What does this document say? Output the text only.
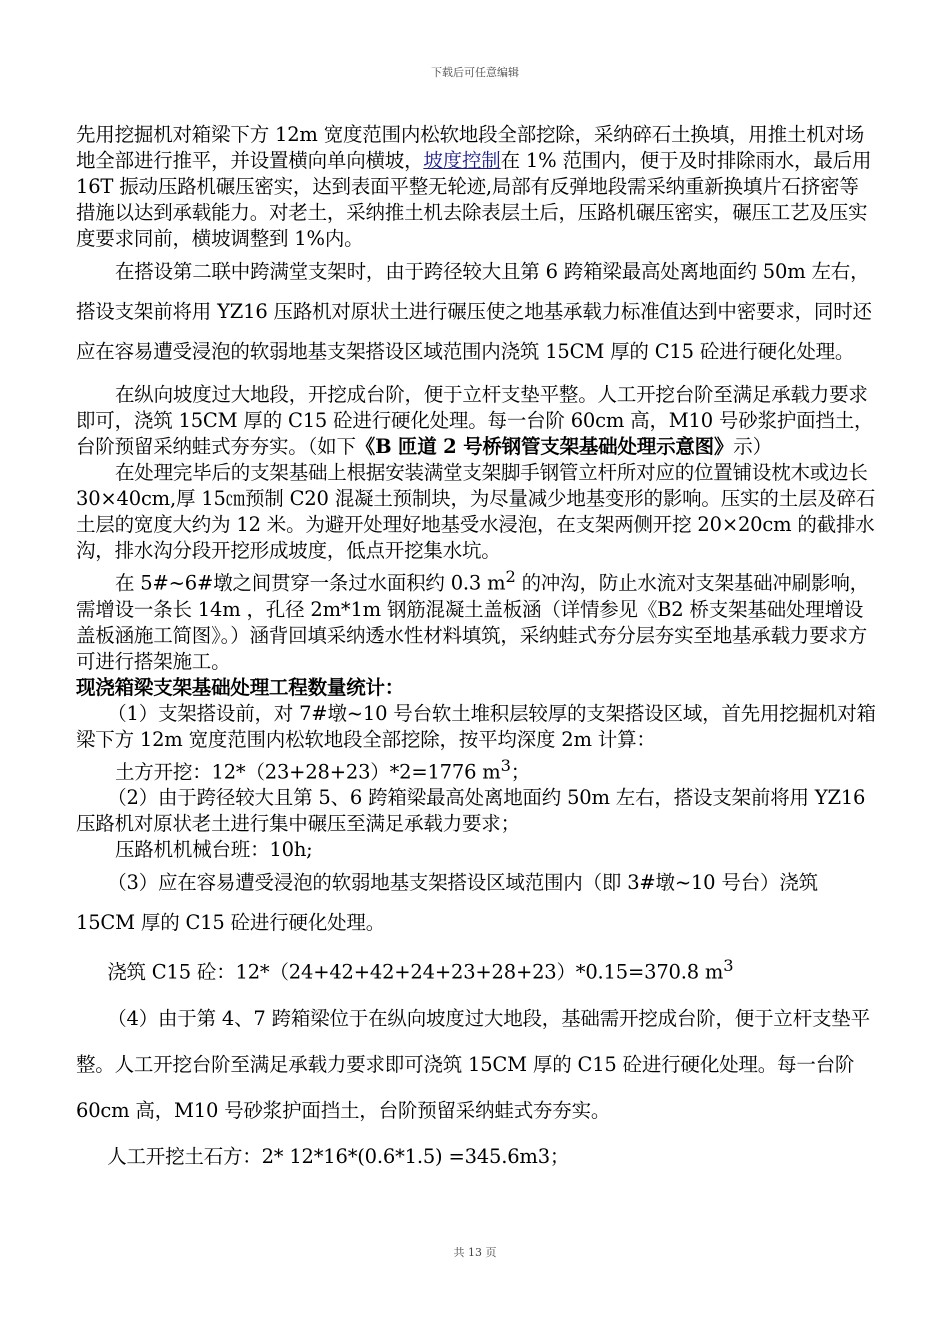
下载后可任意编辑

先用挖掘机对箱梁下方 12m 宽度范围内松软地段全部挖除，采纳碎石土换填，用推土机对场地全部进行推平，并设置横向单向横坡，坡度控制在 1% 范围内，便于及时排除雨水，最后用 16T 振动压路机碾压密实，达到表面平整无轮迹,局部有反弹地段需采纳重新换填片石挤密等措施以达到承载能力。对老土，采纳推土机去除表层土后，压路机碾压密实，碾压工艺及压实度要求同前，横坡调整到 1%内。

在搭设第二联中跨满堂支架时，由于跨径较大且第 6 跨箱梁最高处离地面约 50m 左右，搭设支架前将用 YZ16 压路机对原状土进行碾压使之地基承载力标准值达到中密要求，同时还应在容易遭受浸泡的软弱地基支架搭设区域范围内浇筑 15CM 厚的 C15 砼进行硬化处理。

在纵向坡度过大地段，开挖成台阶，便于立杆支垫平整。人工开挖台阶至满足承载力要求即可，浇筑 15CM 厚的 C15 砼进行硬化处理。每一台阶 60cm 高，M10 号砂浆护面挡土，台阶预留采纳蛙式夯夯实。（如下《B 匝道 2 号桥钢管支架基础处理示意图》示）

在处理完毕后的支架基础上根据安装满堂支架脚手钢管立杆所对应的位置铺设枕木或边长 30×40cm,厚 15㎝预制 C20 混凝土预制块，为尽量减少地基变形的影响。压实的土层及碎石土层的宽度大约为 12 米。为避开处理好地基受水浸泡，在支架两侧开挖 20×20cm 的截排水沟，排水沟分段开挖形成坡度，低点开挖集水坑。

在 5#~6#墩之间贯穿一条过水面积约 0.3 $m^2$ 的冲沟，防止水流对支架基础冲刷影响，需增设一条长 14m ，孔径 2m*1m 钢筋混凝土盖板涵（详情参见《B2 桥支架基础处理增设盖板涵施工简图》。）涵背回填采纳透水性材料填筑，采纳蛙式夯分层夯实至地基承载力要求方可进行搭架施工。

现浇箱梁支架基础处理工程数量统计：

（1）支架搭设前，对 7#墩~10 号台软土堆积层较厚的支架搭设区域，首先用挖掘机对箱梁下方 12m 宽度范围内松软地段全部挖除，按平均深度 2m 计算：

土方开挖：12*（23+28+23）*2=1776 $m^3$；

（2）由于跨径较大且第 5、6 跨箱梁最高处离地面约 50m 左右，搭设支架前将用 YZ16 压路机对原状老土进行集中碾压至满足承载力要求；

压路机机械台班：10h;

（3）应在容易遭受浸泡的软弱地基支架搭设区域范围内（即 3#墩~10 号台）浇筑 15CM 厚的 C15 砼进行硬化处理。

浇筑 C15 砼：12*（24+42+42+24+23+28+23）*0.15=370.8 $m^3$

（4）由于第 4、7 跨箱梁位于在纵向坡度过大地段，基础需开挖成台阶，便于立杆支垫平整。人工开挖台阶至满足承载力要求即可浇筑 15CM 厚的 C15 砼进行硬化处理。每一台阶 60cm 高，M10 号砂浆护面挡土，台阶预留采纳蛙式夯夯实。

人工开挖土石方：2* 12*16*(0.6*1.5) =345.6m3；

共 13 页
